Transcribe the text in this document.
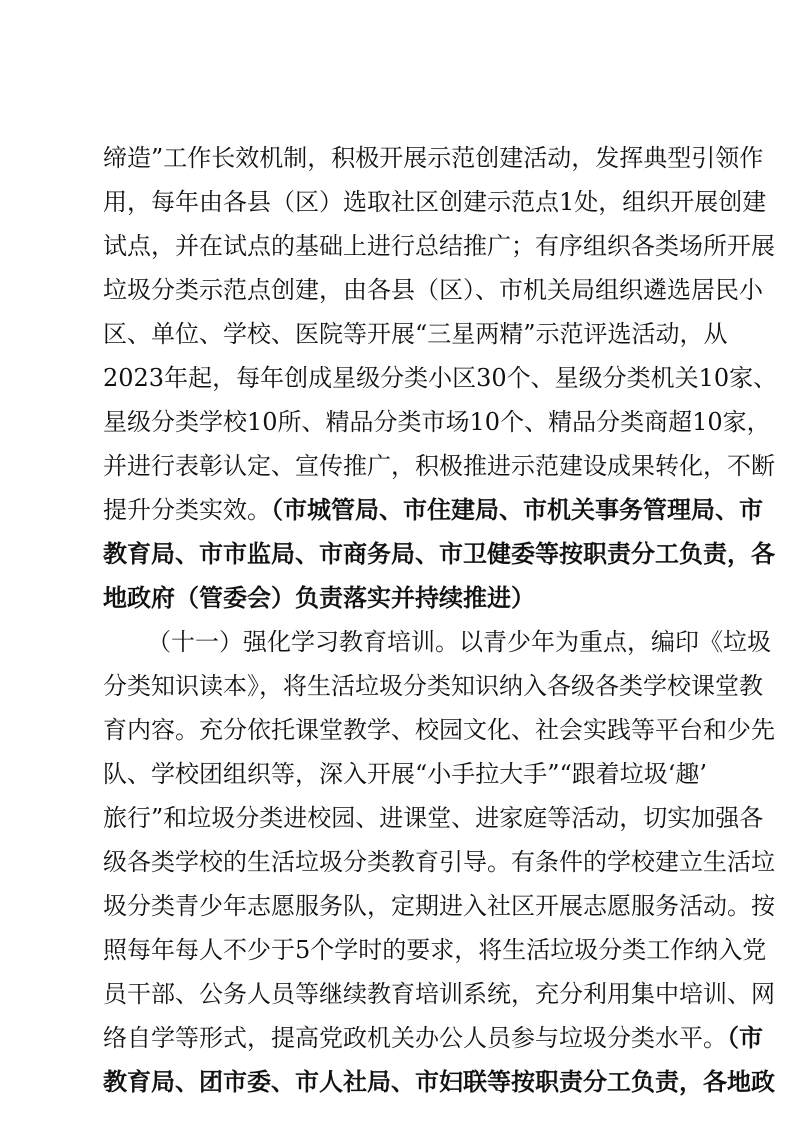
缔造”工作长效机制，积极开展示范创建活动，发挥典型引领作
用，每年由各县（区）选取社区创建示范点1处，组织开展创建
试点，并在试点的基础上进行总结推广；有序组织各类场所开展
垃圾分类示范点创建，由各县（区）、市机关局组织遴选居民小
区、单位、学校、医院等开展“三星两精”示范评选活动，从
2023年起，每年创成星级分类小区30个、星级分类机关10家、
星级分类学校10所、精品分类市场10个、精品分类商超10家，
并进行表彰认定、宣传推广，积极推进示范建设成果转化，不断
提升分类实效。（市城管局、市住建局、市机关事务管理局、市
教育局、市市监局、市商务局、市卫健委等按职责分工负责，各
地政府（管委会）负责落实并持续推进）
（十一）强化学习教育培训。以青少年为重点，编印《垃圾
分类知识读本》，将生活垃圾分类知识纳入各级各类学校课堂教
育内容。充分依托课堂教学、校园文化、社会实践等平台和少先
队、学校团组织等，深入开展“小手拉大手”“跟着垃圾‘趣’
旅行”和垃圾分类进校园、进课堂、进家庭等活动，切实加强各
级各类学校的生活垃圾分类教育引导。有条件的学校建立生活垃
圾分类青少年志愿服务队，定期进入社区开展志愿服务活动。按
照每年每人不少于5个学时的要求，将生活垃圾分类工作纳入党
员干部、公务人员等继续教育培训系统，充分利用集中培训、网
络自学等形式，提高党政机关办公人员参与垃圾分类水平。（市
教育局、团市委、市人社局、市妇联等按职责分工负责，各地政
